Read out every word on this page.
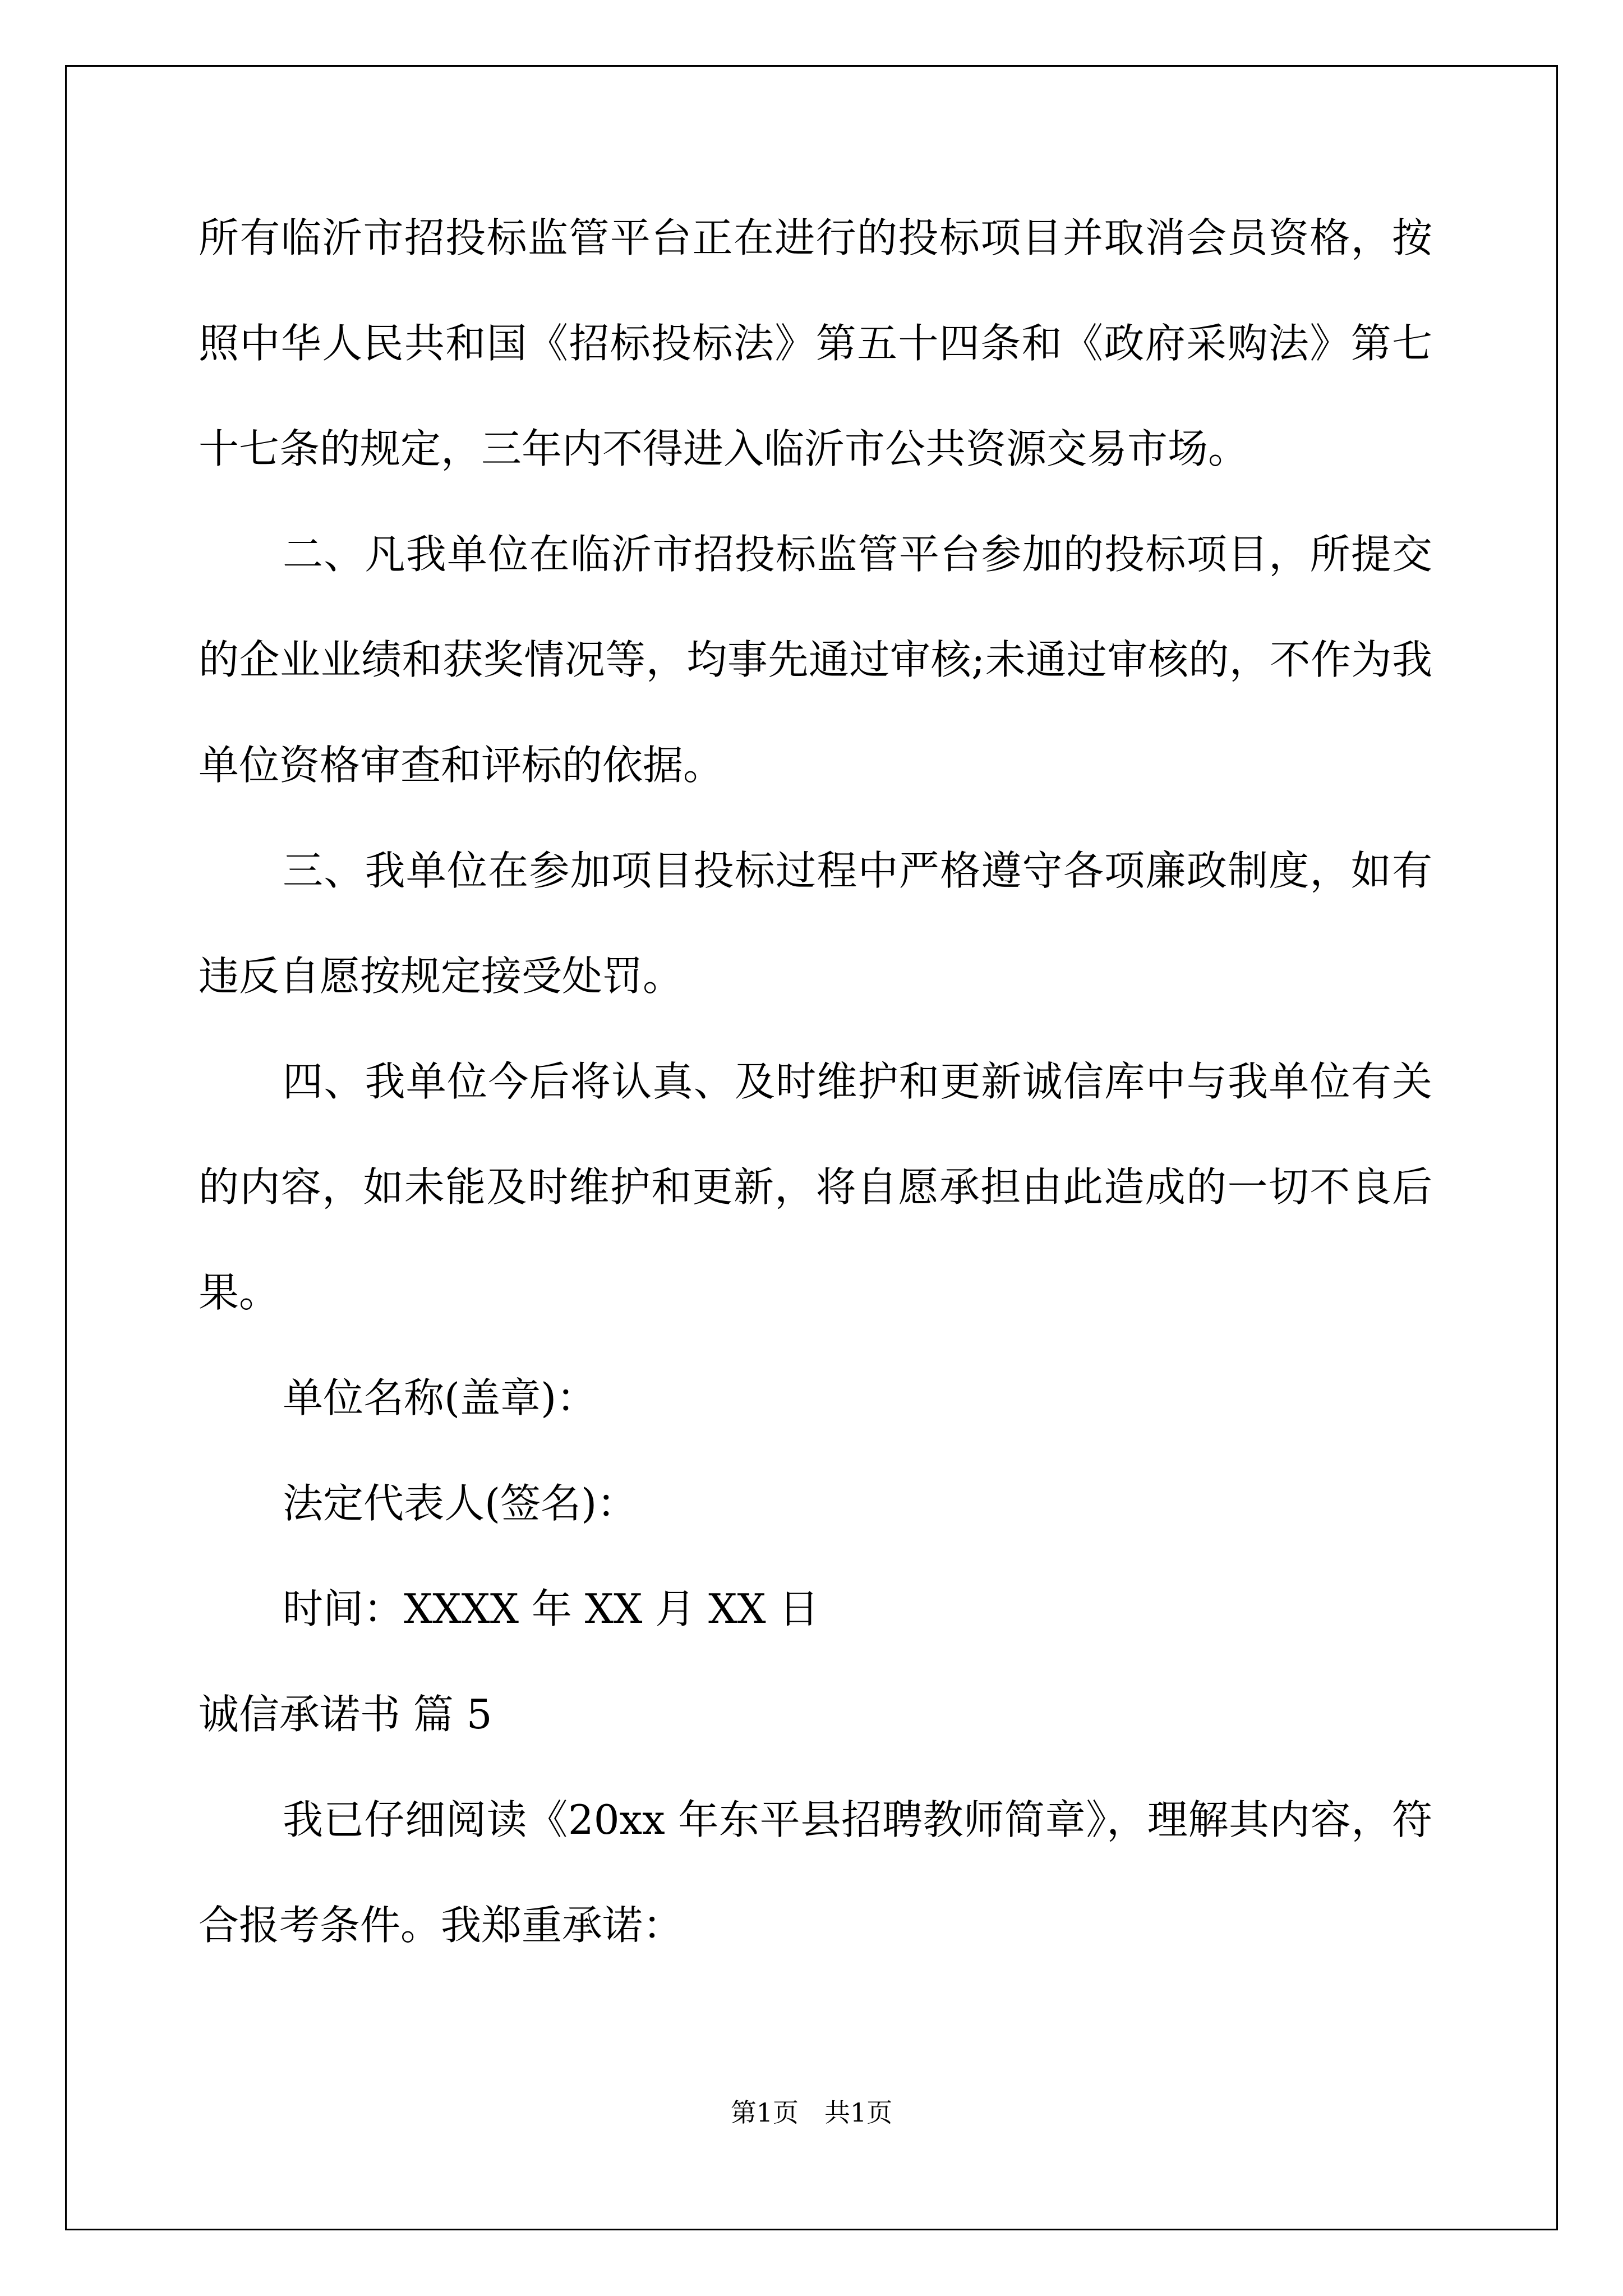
所有临沂市招投标监管平台正在进行的投标项目并取消会员资格，按照中华人民共和国《招标投标法》第五十四条和《政府采购法》第七十七条的规定，三年内不得进入临沂市公共资源交易市场。

二、凡我单位在临沂市招投标监管平台参加的投标项目，所提交的企业业绩和获奖情况等，均事先通过审核;未通过审核的，不作为我单位资格审查和评标的依据。

三、我单位在参加项目投标过程中严格遵守各项廉政制度，如有违反自愿按规定接受处罚。

四、我单位今后将认真、及时维护和更新诚信库中与我单位有关的内容，如未能及时维护和更新，将自愿承担由此造成的一切不良后果。

单位名称(盖章)：

法定代表人(签名)：

时间：XXXX 年 XX 月 XX 日

诚信承诺书 篇 5

我已仔细阅读《20xx 年东平县招聘教师简章》，理解其内容，符合报考条件。我郑重承诺：

第1页　共1页
